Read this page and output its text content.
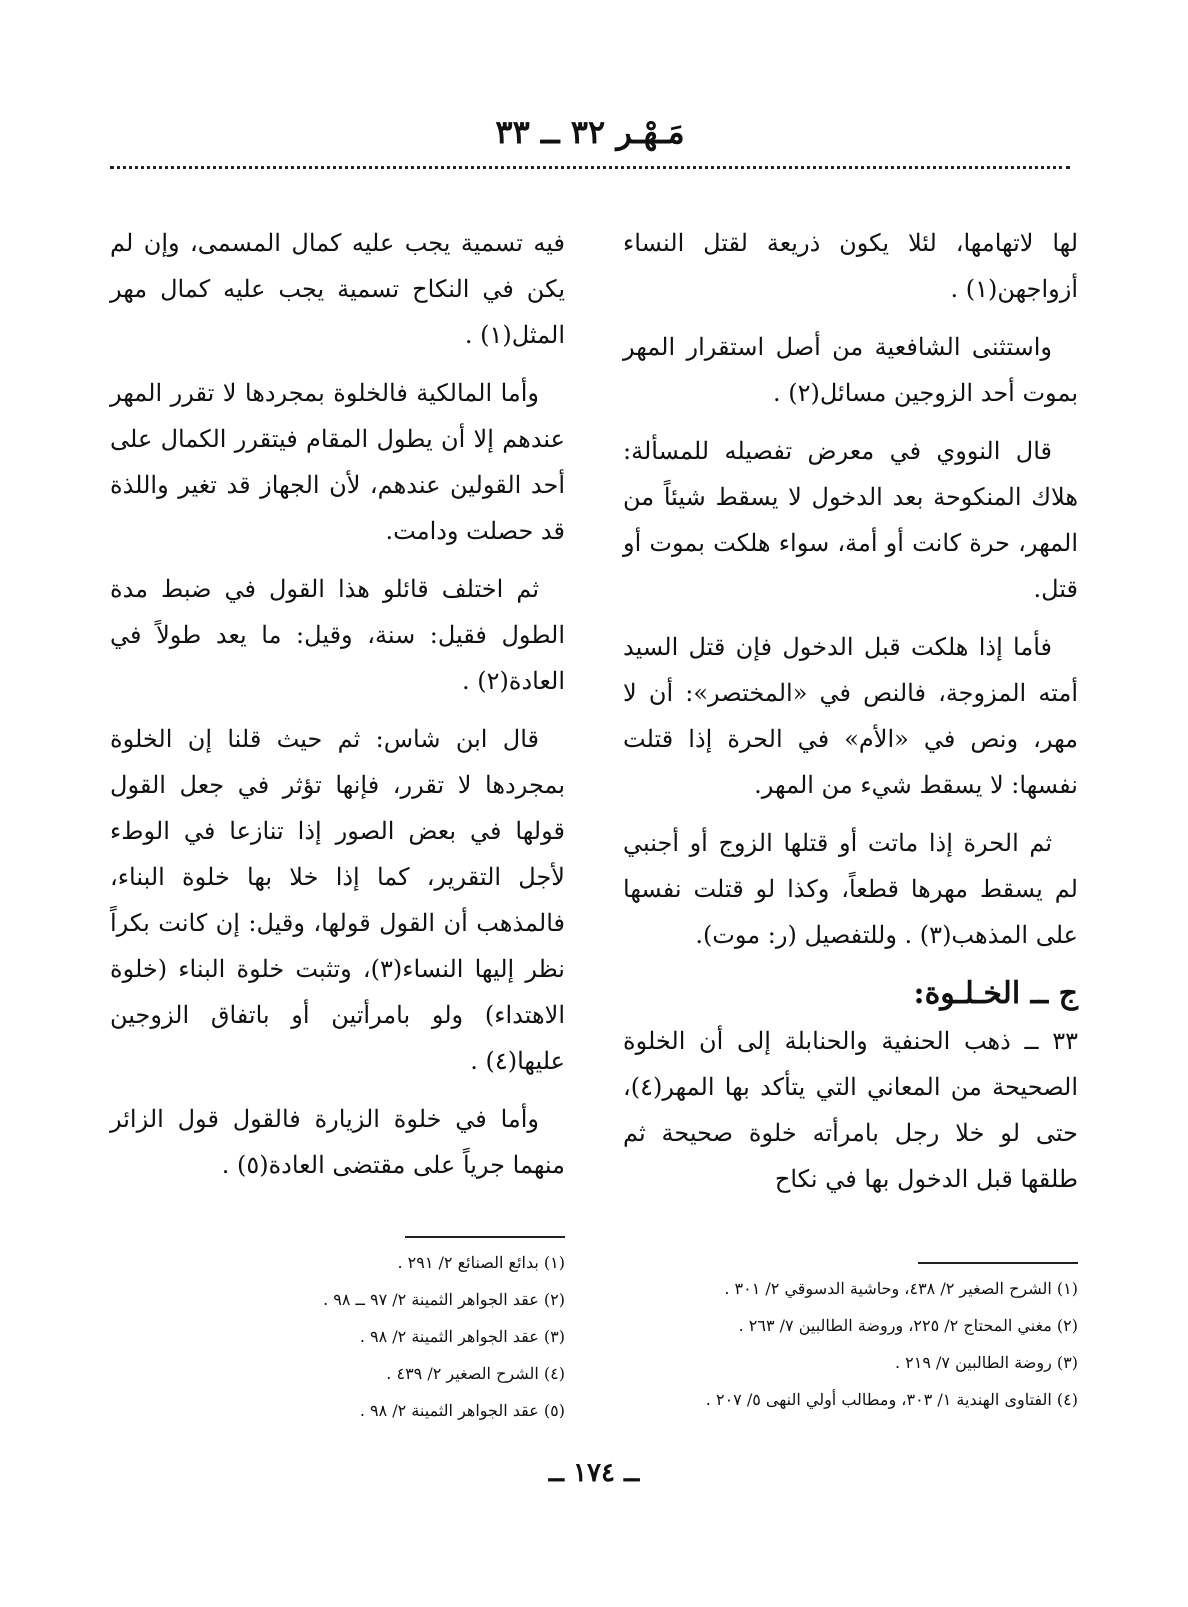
مَـهْـر ٣٢ ــ ٣٣

لها لاتهامها، لئلا يكون ذريعة لقتل النساء أزواجهن(١) .

واستثنى الشافعية من أصل استقرار المهر بموت أحد الزوجين مسائل(٢) .

قال النووي في معرض تفصيله للمسألة: هلاك المنكوحة بعد الدخول لا يسقط شيئاً من المهر، حرة كانت أو أمة، سواء هلكت بموت أو قتل.

فأما إذا هلكت قبل الدخول فإن قتل السيد أمته المزوجة، فالنص في «المختصر»: أن لا مهر، ونص في «الأم» في الحرة إذا قتلت نفسها: لا يسقط شيء من المهر.

ثم الحرة إذا ماتت أو قتلها الزوج أو أجنبي لم يسقط مهرها قطعاً، وكذا لو قتلت نفسها على المذهب(٣) . وللتفصيل (ر: موت).

ج ــ الخـلـوة:

٣٣ ــ ذهب الحنفية والحنابلة إلى أن الخلوة الصحيحة من المعاني التي يتأكد بها المهر(٤)، حتى لو خلا رجل بامرأته خلوة صحيحة ثم طلقها قبل الدخول بها في نكاح

فيه تسمية يجب عليه كمال المسمى، وإن لم يكن في النكاح تسمية يجب عليه كمال مهر المثل(١) .

وأما المالكية فالخلوة بمجردها لا تقرر المهر عندهم إلا أن يطول المقام فيتقرر الكمال على أحد القولين عندهم، لأن الجهاز قد تغير واللذة قد حصلت ودامت.

ثم اختلف قائلو هذا القول في ضبط مدة الطول فقيل: سنة، وقيل: ما يعد طولاً في العادة(٢) .

قال ابن شاس: ثم حيث قلنا إن الخلوة بمجردها لا تقرر، فإنها تؤثر في جعل القول قولها في بعض الصور إذا تنازعا في الوطء لأجل التقرير، كما إذا خلا بها خلوة البناء، فالمذهب أن القول قولها، وقيل: إن كانت بكراً نظر إليها النساء(٣)، وتثبت خلوة البناء (خلوة الاهتداء) ولو بامرأتين أو باتفاق الزوجين عليها(٤) .

وأما في خلوة الزيارة فالقول قول الزائر منهما جرياً على مقتضى العادة(٥) .

(١) الشرح الصغير ٢/ ٤٣٨، وحاشية الدسوقي ٢/ ٣٠١ .
(٢) مغني المحتاج ٢/ ٢٢٥، وروضة الطالبين ٧/ ٢٦٣ .
(٣) روضة الطالبين ٧/ ٢١٩ .
(٤) الفتاوى الهندية ١/ ٣٠٣، ومطالب أولي النهى ٥/ ٢٠٧ .
(١) بدائع الصنائع ٢/ ٢٩١ .
(٢) عقد الجواهر الثمينة ٢/ ٩٧ ــ ٩٨ .
(٣) عقد الجواهر الثمينة ٢/ ٩٨ .
(٤) الشرح الصغير ٢/ ٤٣٩ .
(٥) عقد الجواهر الثمينة ٢/ ٩٨ .
ــ ١٧٤ ــ
